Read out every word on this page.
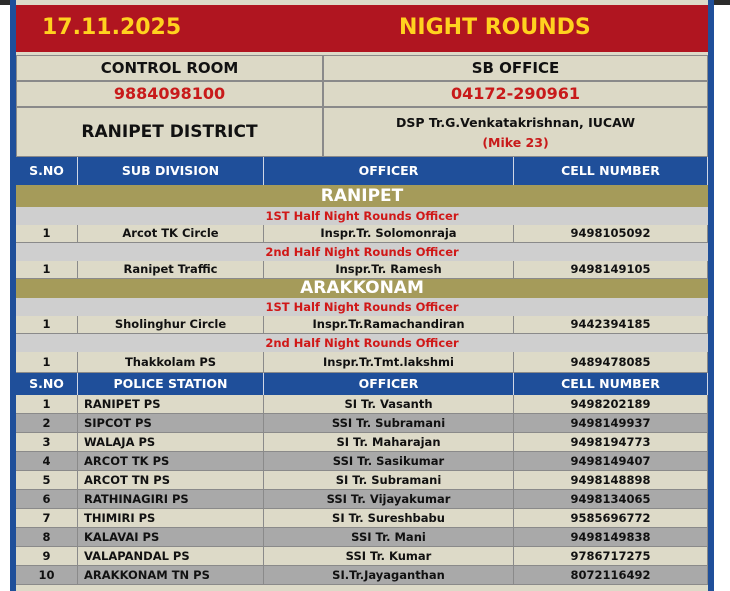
17.11.2025	NIGHT ROUNDS
CONTROL ROOM	SB OFFICE
9884098100	04172-290961
RANIPET DISTRICT	DSP Tr.G.Venkatakrishnan, IUCAW
(Mike 23)
S.NO	SUB DIVISION	OFFICER	CELL NUMBER
RANIPET
1ST Half Night Rounds Officer
1	Arcot TK Circle	Inspr.Tr. Solomonraja	9498105092
2nd Half Night Rounds Officer
1	Ranipet Traffic	Inspr.Tr. Ramesh	9498149105
ARAKKONAM
1ST Half Night Rounds Officer
1	Sholinghur Circle	Inspr.Tr.Ramachandiran	9442394185
2nd Half Night Rounds Officer
1	Thakkolam PS	Inspr.Tr.Tmt.lakshmi	9489478085
S.NO	POLICE STATION	OFFICER	CELL NUMBER
1	RANIPET PS	SI Tr. Vasanth	9498202189
2	SIPCOT PS	SSI Tr. Subramani	9498149937
3	WALAJA PS	SI Tr. Maharajan	9498194773
4	ARCOT TK PS	SSI Tr. Sasikumar	9498149407
5	ARCOT TN PS	SI Tr. Subramani	9498148898
6	RATHINAGIRI PS	SSI Tr. Vijayakumar	9498134065
7	THIMIRI PS	SI Tr. Sureshbabu	9585696772
8	KALAVAI PS	SSI Tr. Mani	9498149838
9	VALAPANDAL PS	SSI Tr. Kumar	9786717275
10	ARAKKONAM TN PS	SI.Tr.Jayaganthan	8072116492
